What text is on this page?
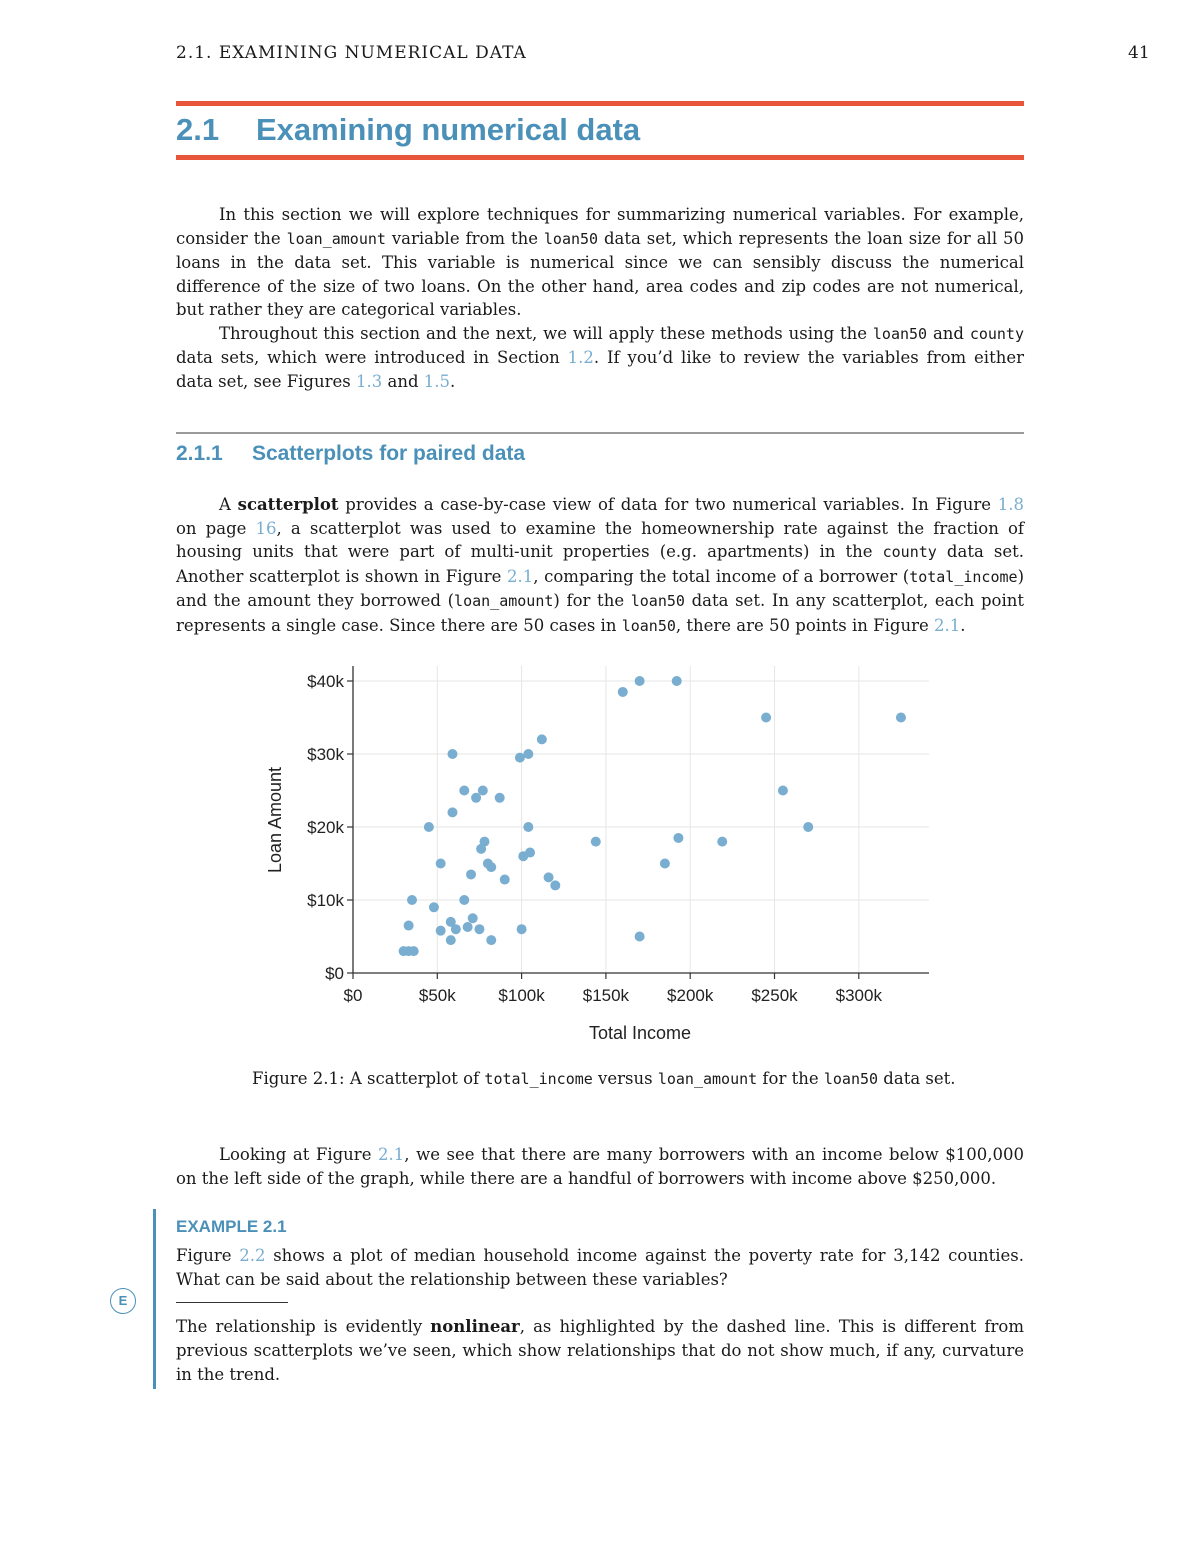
2.1. EXAMINING NUMERICAL DATA	41
2.1 Examining numerical data

In this section we will explore techniques for summarizing numerical variables. For example, consider the loan_amount variable from the loan50 data set, which represents the loan size for all 50 loans in the data set. This variable is numerical since we can sensibly discuss the numerical difference of the size of two loans. On the other hand, area codes and zip codes are not numerical, but rather they are categorical variables.

Throughout this section and the next, we will apply these methods using the loan50 and county data sets, which were introduced in Section 1.2. If you’d like to review the variables from either data set, see Figures 1.3 and 1.5.

2.1.1 Scatterplots for paired data

A scatterplot provides a case-by-case view of data for two numerical variables. In Figure 1.8 on page 16, a scatterplot was used to examine the homeownership rate against the fraction of housing units that were part of multi-unit properties (e.g. apartments) in the county data set. Another scatterplot is shown in Figure 2.1, comparing the total income of a borrower (total_income) and the amount they borrowed (loan_amount) for the loan50 data set. In any scatterplot, each point represents a single case. Since there are 50 cases in loan50, there are 50 points in Figure 2.1.

$0	$50k	$100k $150k $200k $250k $300k
$0
$10k
$20k
$30k
$40k
Total Income
Loan Amount
Figure 2.1: A scatterplot of total_income versus loan_amount for the loan50 data set.

Looking at Figure 2.1, we see that there are many borrowers with an income below $100,000 on the left side of the graph, while there are a handful of borrowers with income above $250,000.

E
EXAMPLE 2.1
Figure 2.2 shows a plot of median household income against the poverty rate for 3,142 counties. What can be said about the relationship between these variables?
The relationship is evidently nonlinear, as highlighted by the dashed line. This is different from previous scatterplots we’ve seen, which show relationships that do not show much, if any, curvature in the trend.
